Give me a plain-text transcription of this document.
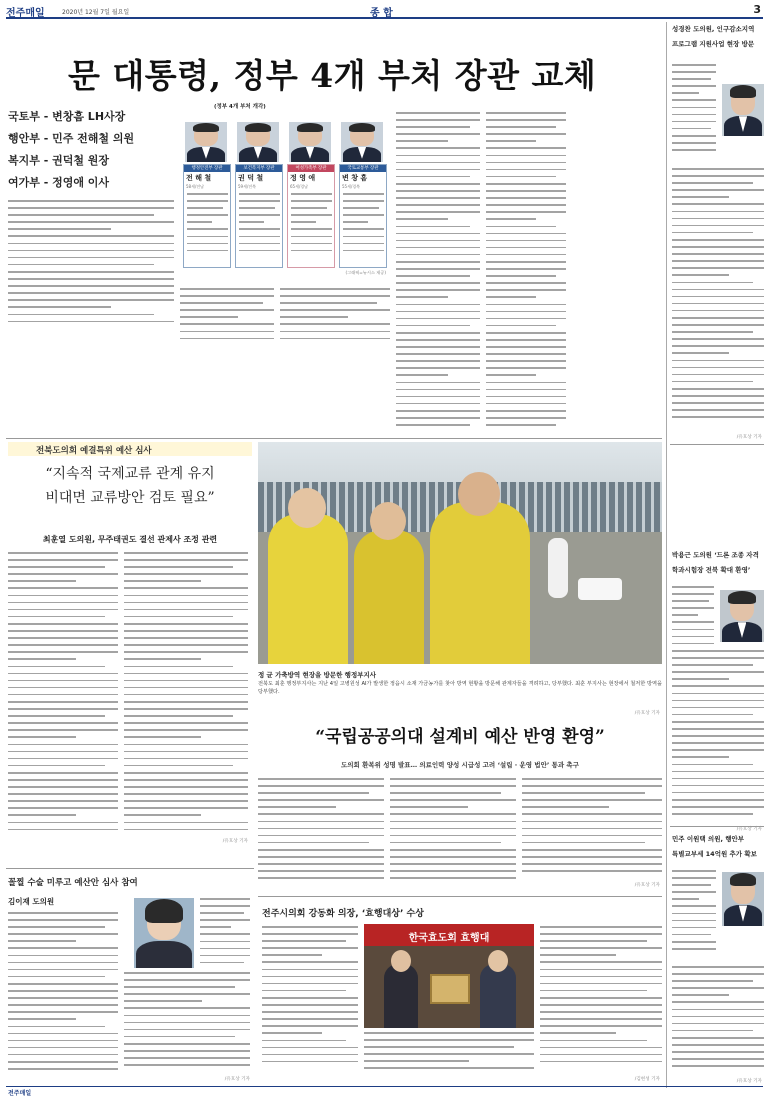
전주매일	2020년 12월 7일 월요일	종 합	3
문 대통령, 정부 4개 부처 장관 교체
국토부 - 변창흠 LH사장
행안부 - 민주 전해철 의원
복지부 - 권덕철 원장
여가부 - 정영애 이사
(정부 4개 부처 개각)
행정안전부 장관
전 해 철
58세/전남
보건복지부 장관
권 덕 철
59세/전북
여성가족부 장관
정 영 애
65세/경남
국토교통부 장관
변 창 흠
55세/경북
(그래픽=뉴시스 제공)
전북도의회 예결특위 예산 심사
“지속적 국제교류 관계 유지
비대면 교류방안 검토 필요”
최훈열 도의원, 무주태권도 결선 관제사 조정 관련
/유호상 기자
정 균 가축방역 현장을 방문한 행정부지사
전북도 최훈 행정부지사는 지난 4일 고병원성 AI가 발생한 정읍시 소재 가금농가를 찾아 방역 현황을 방문해 관계자들을 격려하고, 당부했다. 최훈 부지사는 현장에서 철저한 방역을 당부했다.
/유호상 기자
“국립공공의대 설계비 예산 반영 환영”
도의회 환복위 성명 발표… 의료인력 양성 시급성 고려 ‘설립 · 운영 법안’ 통과 촉구
/유호상 기자
꼴찔 수술 미루고 예산안 심사 참여
김이재 도의원
/유호상 기자
전주시의회 강동화 의장, ‘효행대상’ 수상
한국효도회 효행대
/김현성 기자
성경찬 도의원, 인구감소지역
프로그램 지원사업 현장 방문
/유호상 기자
박용근 도의원 ‘드론 조종 자격
학과시험장 전북 확대 환영’
/유호상 기자
민주 이원택 의원, 행안부
특별교부세 14억원 추가 확보
/유호상 기자
전주매일
